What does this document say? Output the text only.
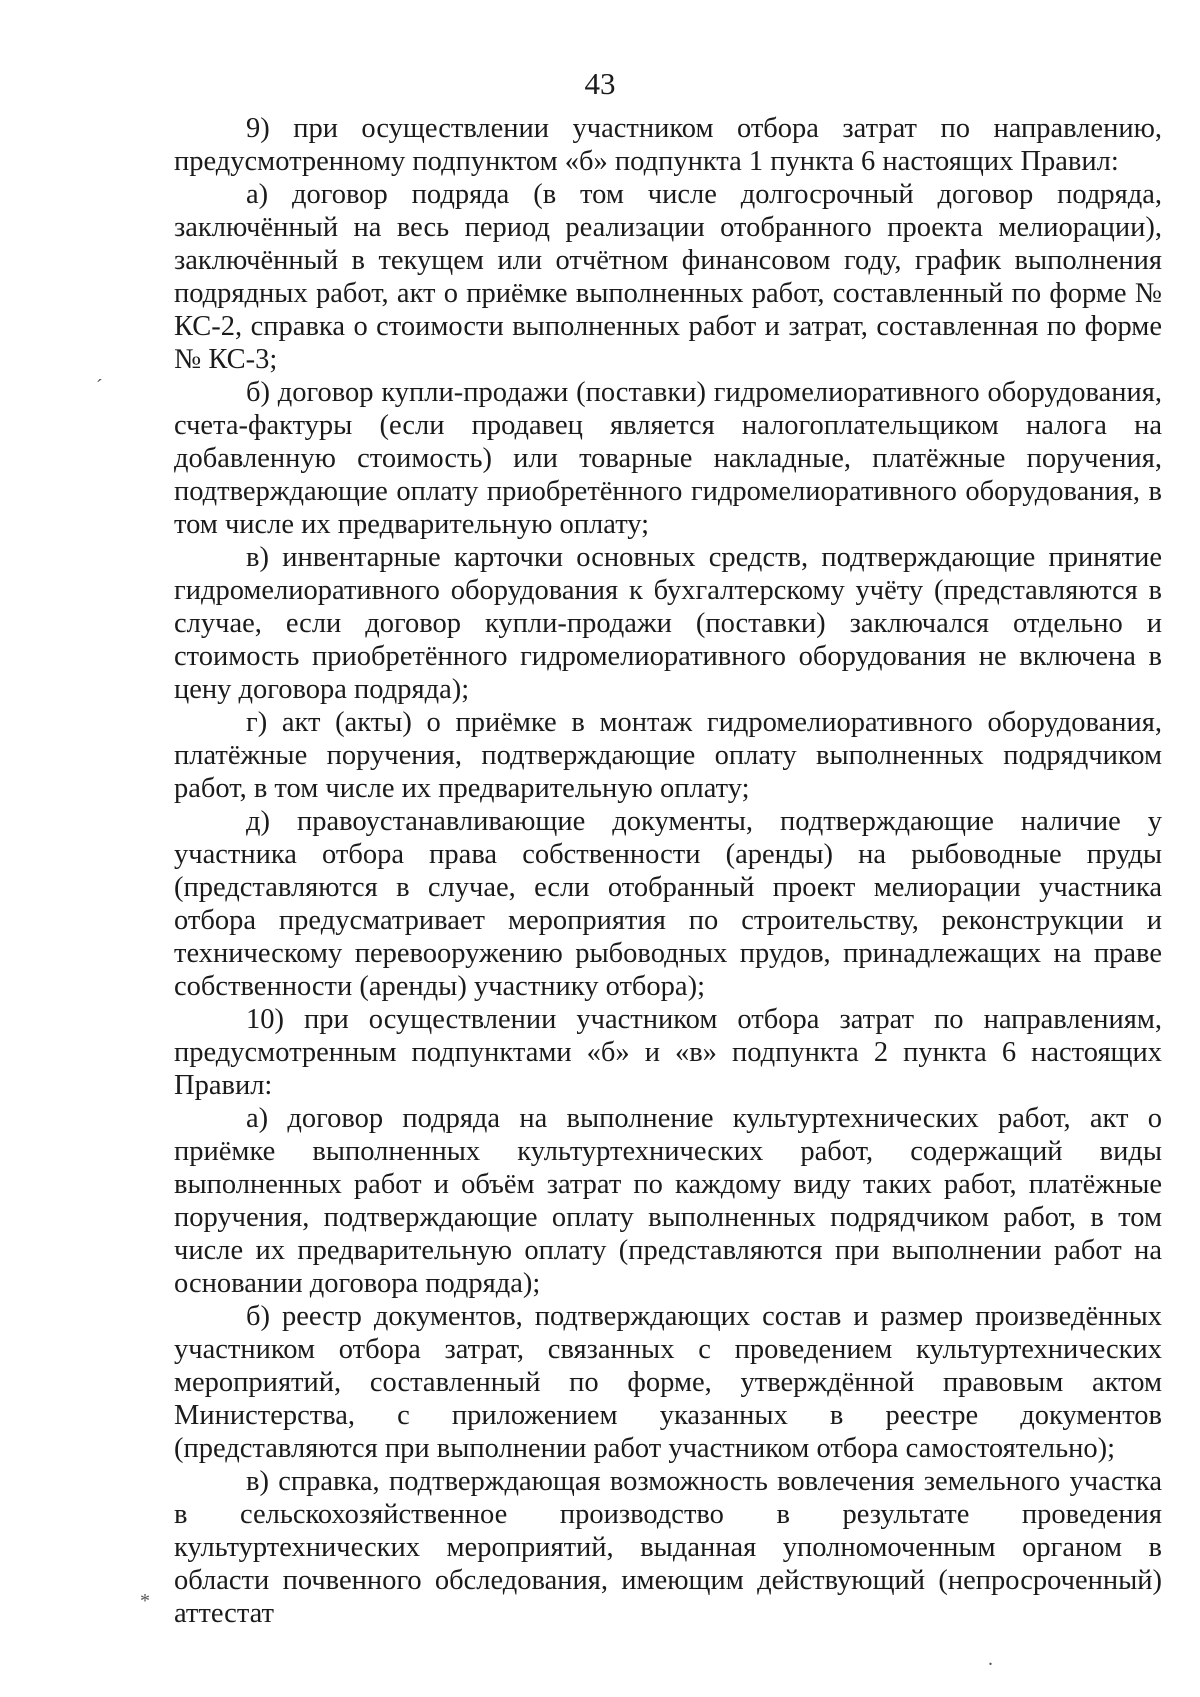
43

9) при осуществлении участником отбора затрат по направлению, предусмотренному подпунктом «б» подпункта 1 пункта 6 настоящих Правил:

а) договор подряда (в том числе долгосрочный договор подряда, заключённый на весь период реализации отобранного проекта мелиорации), заключённый в текущем или отчётном финансовом году, график выполнения подрядных работ, акт о приёмке выполненных работ, составленный по форме № КС-2, справка о стоимости выполненных работ и затрат, составленная по форме № КС-3;

б) договор купли-продажи (поставки) гидромелиоративного оборудования, счета-фактуры (если продавец является налогоплательщиком налога на добавленную стоимость) или товарные накладные, платёжные поручения, подтверждающие оплату приобретённого гидромелиоративного оборудования, в том числе их предварительную оплату;

в) инвентарные карточки основных средств, подтверждающие принятие гидромелиоративного оборудования к бухгалтерскому учёту (представляются в случае, если договор купли-продажи (поставки) заключался отдельно и стоимость приобретённого гидромелиоративного оборудования не включена в цену договора подряда);

г) акт (акты) о приёмке в монтаж гидромелиоративного оборудования, платёжные поручения, подтверждающие оплату выполненных подрядчиком работ, в том числе их предварительную оплату;

д) правоустанавливающие документы, подтверждающие наличие у участника отбора права собственности (аренды) на рыбоводные пруды (представляются в случае, если отобранный проект мелиорации участника отбора предусматривает мероприятия по строительству, реконструкции и техническому перевооружению рыбоводных прудов, принадлежащих на праве собственности (аренды) участнику отбора);

10) при осуществлении участником отбора затрат по направлениям, предусмотренным подпунктами «б» и «в» подпункта 2 пункта 6 настоящих Правил:

а) договор подряда на выполнение культуртехнических работ, акт о приёмке выполненных культуртехнических работ, содержащий виды выполненных работ и объём затрат по каждому виду таких работ, платёжные поручения, подтверждающие оплату выполненных подрядчиком работ, в том числе их предварительную оплату (представляются при выполнении работ на основании договора подряда);

б) реестр документов, подтверждающих состав и размер произведённых участником отбора затрат, связанных с проведением культуртехнических мероприятий, составленный по форме, утверждённой правовым актом Министерства, с приложением указанных в реестре документов (представляются при выполнении работ участником отбора самостоятельно);

в) справка, подтверждающая возможность вовлечения земельного участка в сельскохозяйственное производство в результате проведения культуртехнических мероприятий, выданная уполномоченным органом в области почвенного обследования, имеющим действующий (непросроченный) аттестат

´
*
.
